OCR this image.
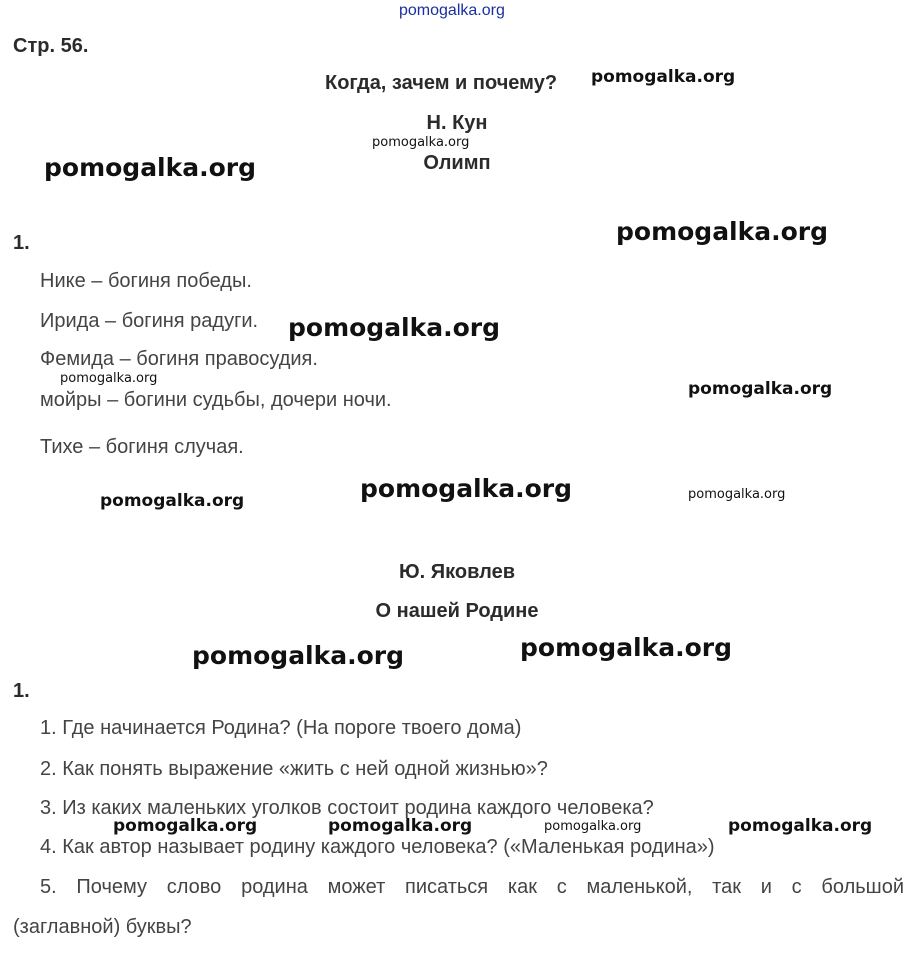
pomogalka.org
Стр. 56.
Когда, зачем и почему?
Н. Кун
Олимп
1.
Нике – богиня победы.
Ирида – богиня радуги.
Фемида – богиня правосудия.
мойры – богини судьбы, дочери ночи.
Тихе – богиня случая.
Ю. Яковлев
О нашей Родине
1.
1. Где начинается Родина? (На пороге твоего дома)
2. Как понять выражение «жить с ней одной жизнью»?
3. Из каких маленьких уголков состоит родина каждого человека?
4. Как автор называет родину каждого человека? («Маленькая родина»)
5. Почему слово родина может писаться как с маленькой, так и с большой
(заглавной) буквы?
pomogalka.org
pomogalka.org
pomogalka.org
pomogalka.org
pomogalka.org
pomogalka.org
pomogalka.org
pomogalka.org
pomogalka.org	pomogalka.org
pomogalka.org	pomogalka.org
pomogalka.org	pomogalka.org	pomogalka.org	pomogalka.org
